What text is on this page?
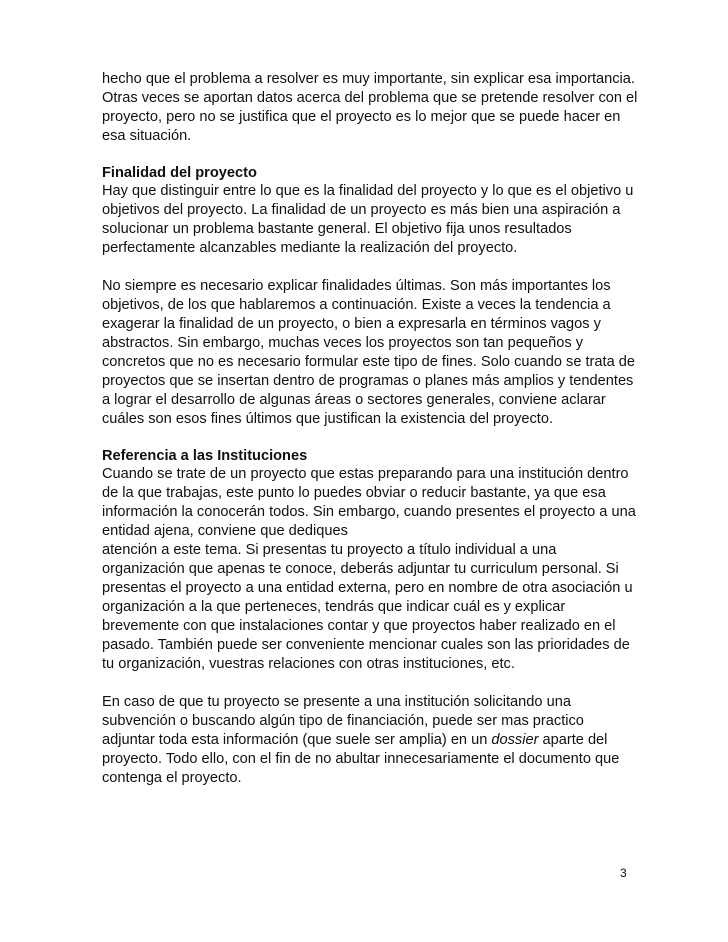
hecho que el problema a resolver es muy importante, sin explicar esa importancia.

Otras veces se aportan datos acerca del problema que se pretende resolver con el

proyecto, pero no se justifica que el proyecto es lo mejor que se puede hacer en

esa situación.

Finalidad del proyecto

Hay que distinguir entre lo que es la finalidad del proyecto y lo que es el objetivo u

objetivos del proyecto. La finalidad de un proyecto es más bien una aspiración a

solucionar un problema bastante general. El objetivo fija unos resultados

perfectamente alcanzables mediante la realización del proyecto.

No siempre es necesario explicar finalidades últimas. Son más importantes los

objetivos, de los que hablaremos a continuación. Existe a veces la tendencia a

exagerar la finalidad de un proyecto, o bien a expresarla en términos vagos y

abstractos. Sin embargo, muchas veces los proyectos son tan pequeños y

concretos que no es necesario formular este tipo de fines. Solo cuando se trata de

proyectos que se insertan dentro de programas o planes más amplios y tendentes

a lograr el desarrollo de algunas áreas o sectores generales, conviene aclarar

cuáles son esos fines últimos que justifican la existencia del proyecto.

Referencia a las Instituciones

Cuando se trate de un proyecto que estas preparando para una institución dentro

de la que trabajas, este punto lo puedes obviar o reducir bastante, ya que esa

información la conocerán todos. Sin embargo, cuando presentes el proyecto a una

entidad ajena, conviene que dediques

atención a este tema. Si presentas tu proyecto a título individual a una

organización que apenas te conoce, deberás adjuntar tu curriculum personal. Si

presentas el proyecto a una entidad externa, pero en nombre de otra asociación u

organización a la que perteneces, tendrás que indicar cuál es y explicar

brevemente con que instalaciones contar y que proyectos haber realizado en el

pasado. También puede ser conveniente mencionar cuales son las prioridades de

tu organización, vuestras relaciones con otras instituciones, etc.

En caso de que tu proyecto se presente a una institución solicitando una

subvención o buscando algún tipo de financiación, puede ser mas practico

adjuntar toda esta información (que suele ser amplia) en un dossier aparte del

proyecto. Todo ello, con el fin de no abultar innecesariamente el documento que

contenga el proyecto.

3
